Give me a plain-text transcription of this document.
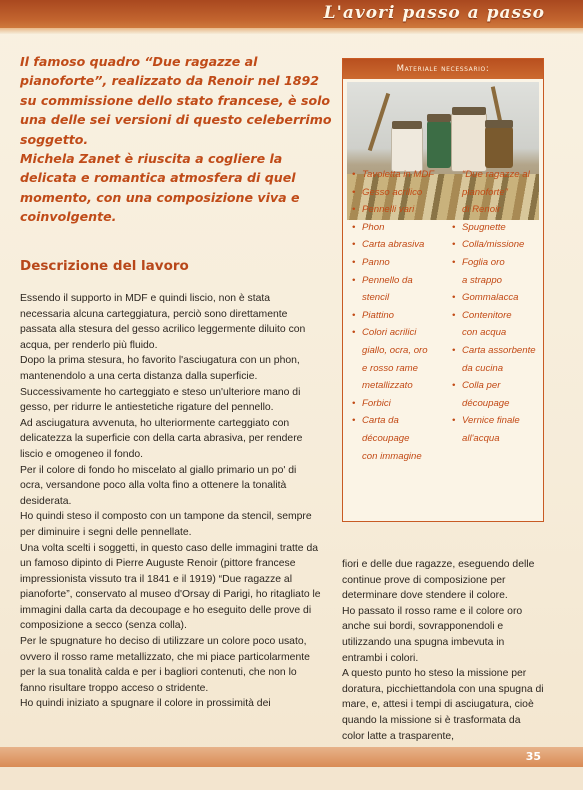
L'avori passo a passo

Il famoso quadro “Due ragazze al pianoforte”, realizzato da Renoir nel 1892 su commissione dello stato francese, è solo una delle sei versioni di questo celeberrimo soggetto.

Michela Zanet è riuscita a cogliere la delicata e romantica atmosfera di quel momento, con una composizione viva e coinvolgente.

Descrizione del lavoro

Essendo il supporto in MDF e quindi liscio, non è stata necessaria alcuna carteggiatura, perciò sono direttamente passata alla stesura del gesso acrilico leggermente diluito con acqua, per renderlo più fluido.

Dopo la prima stesura, ho favorito l'asciugatura con un phon, mantenendolo a una certa distanza dalla superficie.

Successivamente ho carteggiato e steso un'ulteriore mano di gesso, per ridurre le antiestetiche rigature del pennello.

Ad asciugatura avvenuta, ho ulteriormente carteggiato con delicatezza la superficie con della carta abrasiva, per rendere liscio e omogeneo il fondo.

Per il colore di fondo ho miscelato al giallo primario un po' di ocra, versandone poco alla volta fino a ottenere la tonalità desiderata.

Ho quindi steso il composto con un tampone da stencil, sempre per diminuire i segni delle pennellate.

Una volta scelti i soggetti, in questo caso delle immagini tratte da un famoso dipinto di Pierre Auguste Renoir (pittore francese impressionista vissuto tra il 1841 e il 1919) “Due ragazze al pianoforte”, conservato al museo d'Orsay di Parigi, ho ritagliato le immagini dalla carta da decoupage e ho eseguito delle prove di composizione a secco (senza colla).

Per le spugnature ho deciso di utilizzare un colore poco usato, ovvero il rosso rame metallizzato, che mi piace particolarmente per la sua tonalità calda e per i bagliori contenuti, che non lo fanno risultare troppo acceso o stridente.

Ho quindi iniziato a spugnare il colore in prossimità dei

fiori e delle due ragazze, eseguendo delle continue prove di composizione per determinare dove stendere il colore.

Ho passato il rosso rame e il colore oro anche sui bordi, sovrapponendoli e utilizzando una spugna imbevuta in entrambi i colori.

A questo punto ho steso la missione per doratura, picchiettandola con una spugna di mare, e, attesi i tempi di asciugatura, cioè quando la missione si è trasformata da color latte a trasparente,

Materiale necessario:
• Tavoletta in MDF
• Gesso acrilico
• Pennelli vari
• Phon
• Carta abrasiva
• Panno
• Pennello da
stencil
• Piattino
• Colori acrilici
giallo, ocra, oro
e rosso rame
metallizzato
• Forbici
• Carta da
découpage
con immagine
“Due ragazze al
pianoforte”
di Renoir
• Spugnette
• Colla/missione
• Foglia oro
a strappo
• Gommalacca
• Contenitore
con acqua
• Carta assorbente
da cucina
• Colla per
découpage
• Vernice finale
all'acqua
35
